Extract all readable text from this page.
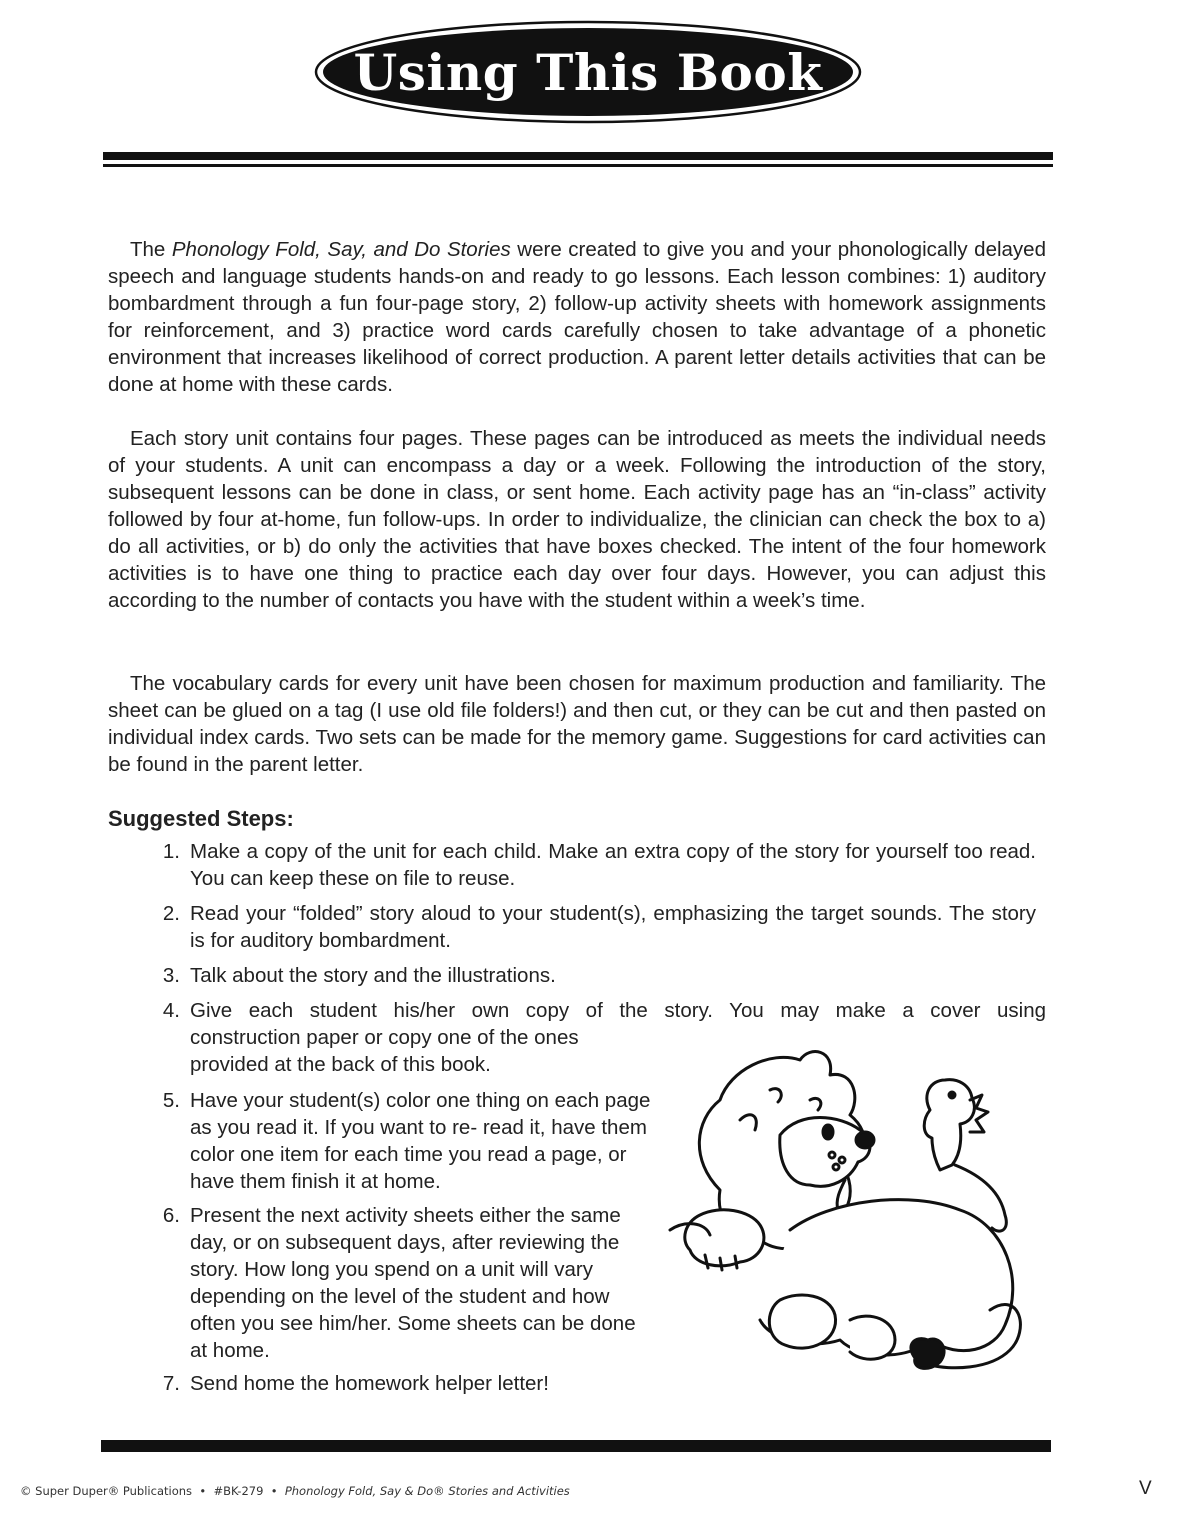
Using This Book

The Phonology Fold, Say, and Do Stories were created to give you and your phonologically delayed speech and language students hands-on and ready to go lessons. Each lesson combines: 1) auditory bombardment through a fun four-page story, 2) follow-up activity sheets with homework assignments for reinforcement, and 3) practice word cards carefully chosen to take advantage of a phonetic environment that increases likelihood of correct production. A parent letter details activities that can be done at home with these cards.

Each story unit contains four pages. These pages can be introduced as meets the individual needs of your students. A unit can encompass a day or a week. Following the introduction of the story, subsequent lessons can be done in class, or sent home. Each activity page has an “in-class” activity followed by four at-home, fun follow-ups. In order to individualize, the clinician can check the box to a) do all activities, or b) do only the activities that have boxes checked. The intent of the four homework activities is to have one thing to practice each day over four days. However, you can adjust this according to the number of contacts you have with the student within a week’s time.

The vocabulary cards for every unit have been chosen for maximum production and familiarity. The sheet can be glued on a tag (I use old file folders!) and then cut, or they can be cut and then pasted on individual index cards. Two sets can be made for the memory game. Suggestions for card activities can be found in the parent letter.

Suggested Steps:
1. Make a copy of the unit for each child. Make an extra copy of the story for yourself too read. You can keep these on file to reuse.
2. Read your “folded” story aloud to your student(s), emphasizing the target sounds. The story is for auditory bombardment.
3. Talk about the story and the illustrations.
4. Give each student his/her own copy of the story. You may make a cover using
construction paper or copy one of the ones
provided at the back of this book.
5. Have your student(s) color one thing on each page as you read it. If you want to re- read it, have them color one item for each time you read a page, or have them finish it at home.
6. Present the next activity sheets either the same day, or on subsequent days, after reviewing the story. How long you spend on a unit will vary depending on the level of the student and how often you see him/her. Some sheets can be done at home.
7. Send home the homework helper letter!
© Super Duper® Publications • #BK-279 • Phonology Fold, Say & Do® Stories and Activities	V
